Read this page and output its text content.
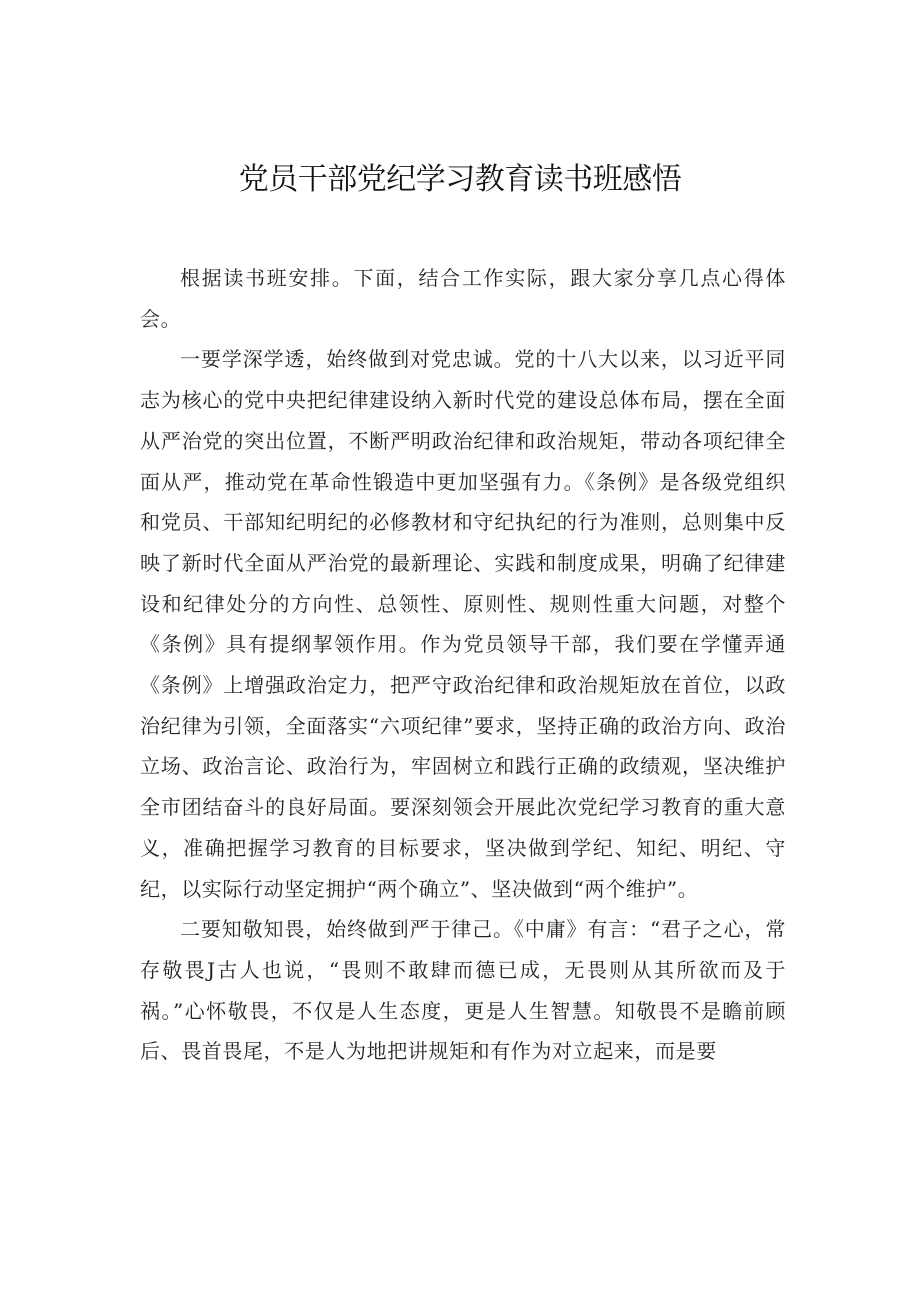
党员干部党纪学习教育读书班感悟

根据读书班安排。下面，结合工作实际，跟大家分享几点心得体会。

一要学深学透，始终做到对党忠诚。党的十八大以来，以习近平同志为核心的党中央把纪律建设纳入新时代党的建设总体布局，摆在全面从严治党的突出位置，不断严明政治纪律和政治规矩，带动各项纪律全面从严，推动党在革命性锻造中更加坚强有力。《条例》是各级党组织和党员、干部知纪明纪的必修教材和守纪执纪的行为准则，总则集中反映了新时代全面从严治党的最新理论、实践和制度成果，明确了纪律建设和纪律处分的方向性、总领性、原则性、规则性重大问题，对整个《条例》具有提纲挈领作用。作为党员领导干部，我们要在学懂弄通《条例》上增强政治定力，把严守政治纪律和政治规矩放在首位，以政治纪律为引领，全面落实“六项纪律”要求，坚持正确的政治方向、政治立场、政治言论、政治行为，牢固树立和践行正确的政绩观，坚决维护全市团结奋斗的良好局面。要深刻领会开展此次党纪学习教育的重大意义，准确把握学习教育的目标要求，坚决做到学纪、知纪、明纪、守纪，以实际行动坚定拥护“两个确立”、坚决做到“两个维护”。

二要知敬知畏，始终做到严于律己。《中庸》有言：“君子之心，常存敬畏J古人也说，“畏则不敢肆而德已成，无畏则从其所欲而及于祸。”心怀敬畏，不仅是人生态度，更是人生智慧。知敬畏不是瞻前顾后、畏首畏尾，不是人为地把讲规矩和有作为对立起来，而是要
